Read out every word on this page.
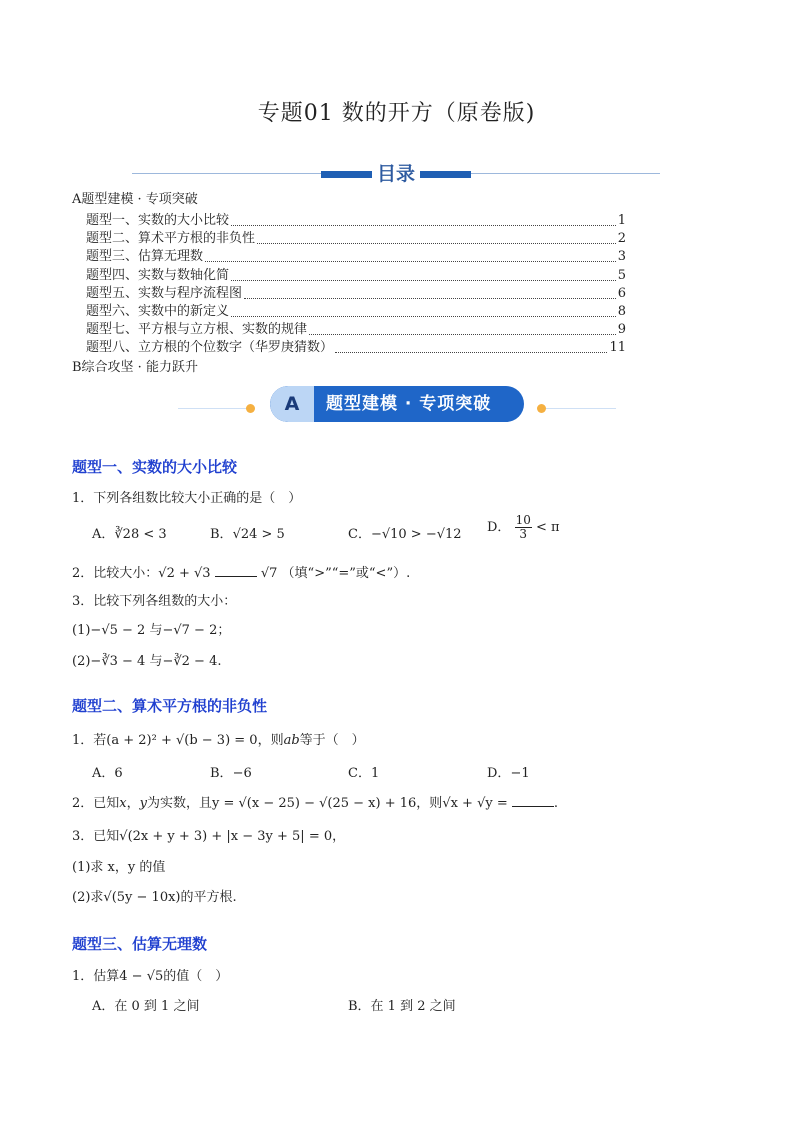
专题01 数的开方（原卷版)
目录
A题型建模 · 专项突破
题型一、实数的大小比较	1
题型二、算术平方根的非负性	2
题型三、估算无理数	3
题型四、实数与数轴化简	5
题型五、实数与程序流程图	6
题型六、实数中的新定义	8
题型七、平方根与立方根、实数的规律	9
题型八、立方根的个位数字（华罗庚猜数）	11
B综合攻坚 · 能力跃升
A	题型建模 · 专项突破
题型一、实数的大小比较
1．下列各组数比较大小正确的是（　）
A．∛28 < 3	B．√24 > 5	C．−√10 > −√12 D． $\frac{10}{3} < \pi$
2．比较大小：√2 + √3	√7 （填“>”“=”或“<”）.
3．比较下列各组数的大小：
(1)−√5 − 2 与−√7 − 2；
(2)−∛3 − 4 与−∛2 − 4.
题型二、算术平方根的非负性
1．若(a + 2)² + √(b − 3) = 0，则ab等于（　）
A．6	B．−6	C．1	D．−1
2．已知x，y为实数，且y = √(x − 25) − √(25 − x) + 16，则√x + √y =	.
3．已知√(2x + y + 3) + |x − 3y + 5| = 0，
(1)求 x，y 的值
(2)求√(5y − 10x)的平方根.
题型三、估算无理数
1．估算4 − √5的值（　）
A．在 0 到 1 之间	B．在 1 到 2 之间
